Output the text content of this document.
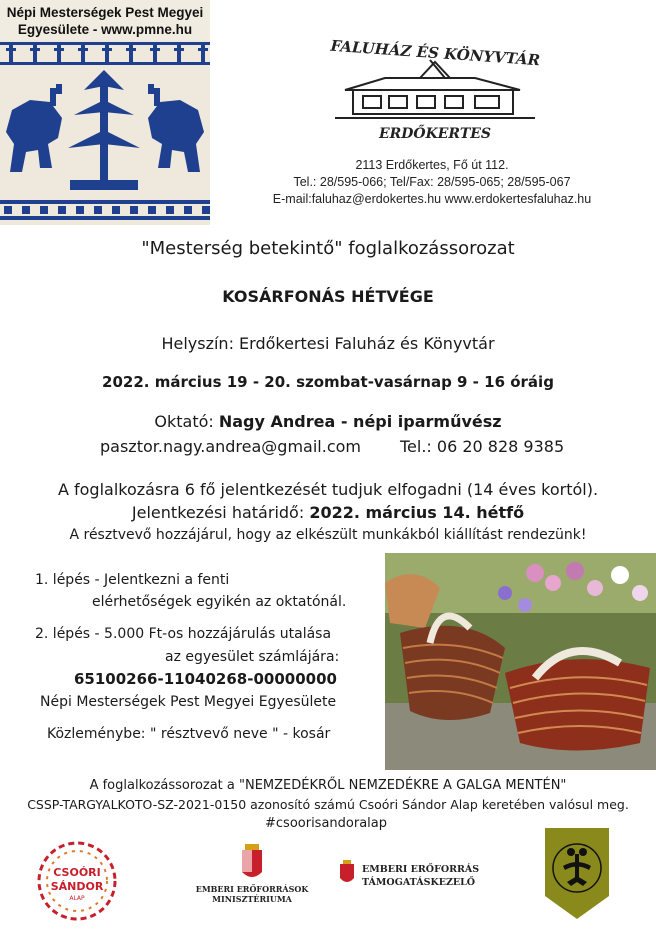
Népi Mesterségek Pest Megyei
Egyesülete - www.pmne.hu
FALUHÁZ ÉS KÖNYVTÁR
ERDŐKERTES
2113 Erdőkertes, Fő út 112.
Tel.: 28/595-066; Tel/Fax: 28/595-065; 28/595-067
E-mail:faluhaz@erdokertes.hu www.erdokertesfaluhaz.hu
"Mesterség betekintő" foglalkozássorozat
KOSÁRFONÁS HÉTVÉGE
Helyszín: Erdőkertesi Faluház és Könyvtár
2022. március 19 - 20. szombat-vasárnap 9 - 16 óráig
Oktató: Nagy Andrea - népi iparművész
pasztor.nagy.andrea@gmail.com Tel.: 06 20 828 9385
A foglalkozásra 6 fő jelentkezését tudjuk elfogadni (14 éves kortól).
Jelentkezési határidő: 2022. március 14. hétfő
A résztvevő hozzájárul, hogy az elkészült munkákból kiállítást rendezünk!
1. lépés - Jelentkezni a fenti
elérhetőségek egyikén az oktatónál.
2. lépés - 5.000 Ft-os hozzájárulás utalása
az egyesület számlájára:
65100266-11040268-00000000
Népi Mesterségek Pest Megyei Egyesülete
Közleménybe: " résztvevő neve " - kosár
A foglalkozássorozat a "NEMZEDÉKRŐL NEMZEDÉKRE A GALGA MENTÉN"
CSSP-TARGYALKOTO-SZ-2021-0150 azonosító számú Csoóri Sándor Alap keretében valósul meg.
#csoorisandoralap
CSOÓRI
SÁNDOR
ALAP
EMBERI ERŐFORRÁSOK
MINISZTÉRIUMA
EMBERI ERŐFORRÁS
TÁMOGATÁSKEZELŐ
